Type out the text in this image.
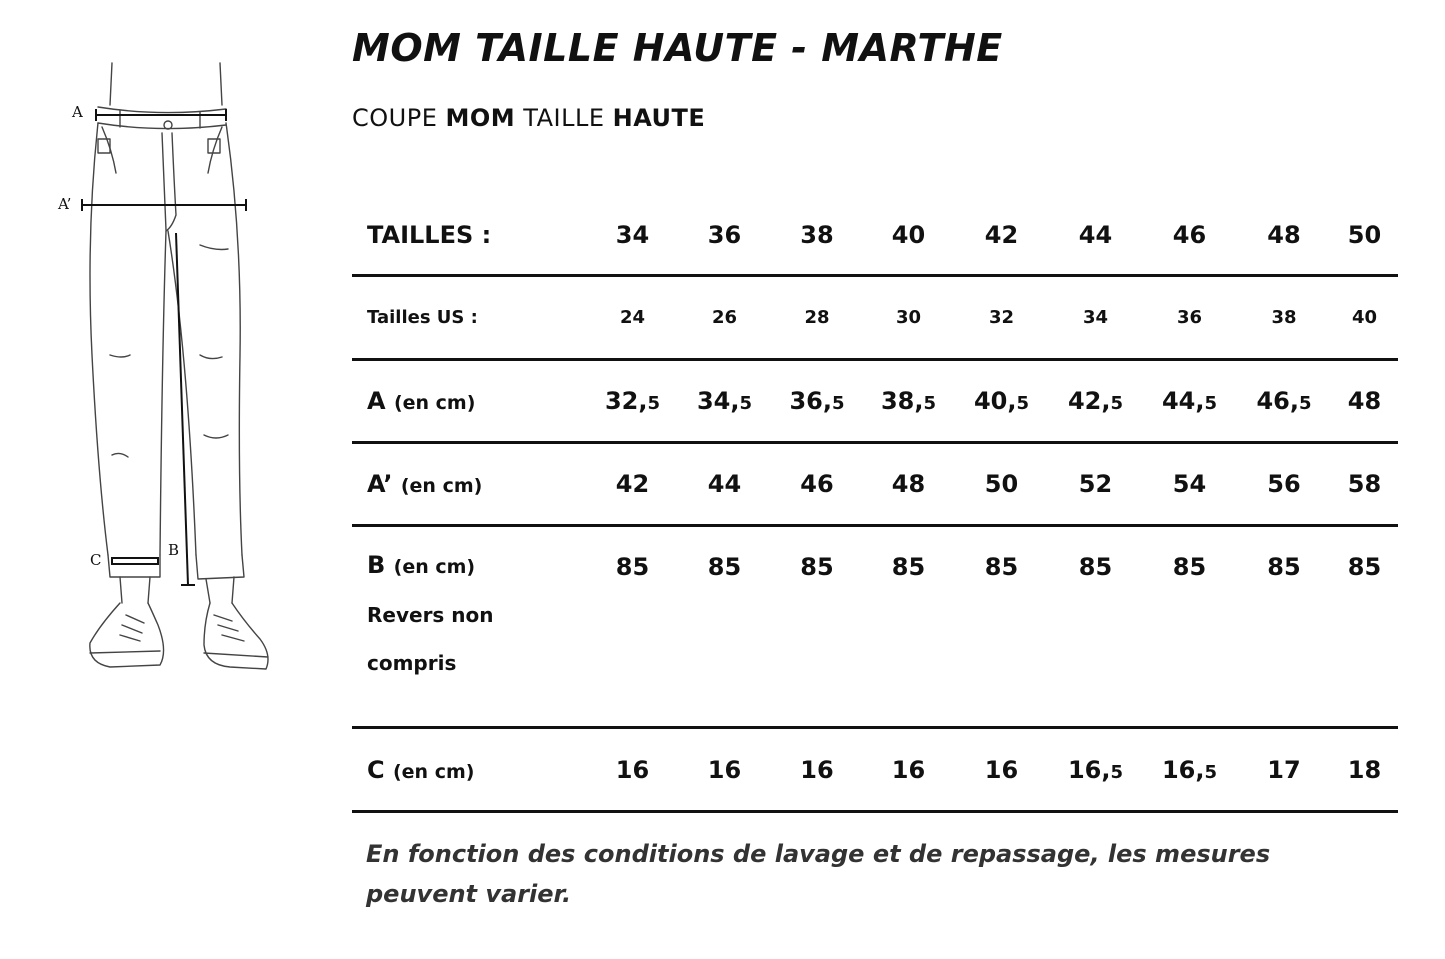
A
A’
B
C
MOM TAILLE HAUTE - MARTHE

COUPE MOM TAILLE HAUTE

TAILLES :	34	36	38	40	42	44	46	48	50
Tailles US :	24	26	28	30	32	34	36	38	40
A (en cm)	32,5	34,5	36,5	38,5	40,5	42,5	44,5	46,5	48
A’ (en cm)	42	44	46	48	50	52	54	56	58
B (en cm)
Revers non
compris	85	85	85	85	85	85	85	85	85
C (en cm)	16	16	16	16	16	16,5	16,5	17	18

En fonction des conditions de lavage et de repassage, les mesures
peuvent varier.
